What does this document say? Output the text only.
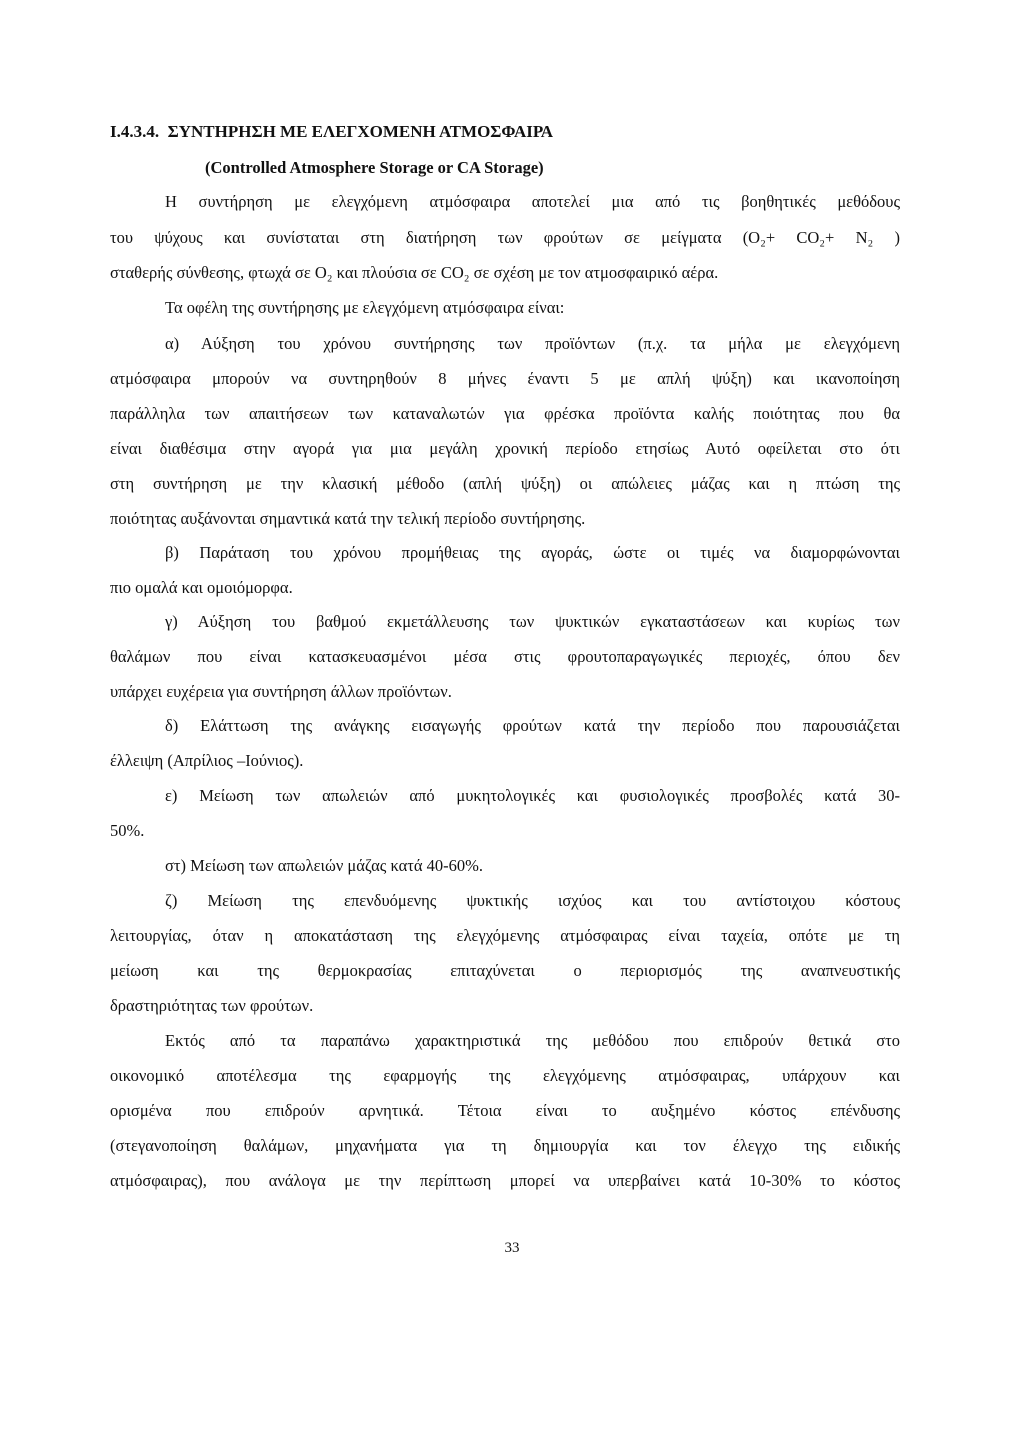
I.4.3.4. ΣΥΝΤΗΡΗΣΗ ΜΕ ΕΛΕΓΧΟΜΕΝΗ ΑΤΜΟΣΦΑΙΡΑ
(Controlled Atmosphere Storage or CA Storage)
Η συντήρηση με ελεγχόμενη ατμόσφαιρα αποτελεί μια από τις βοηθητικές μεθόδους
του ψύχους και συνίσταται στη διατήρηση των φρούτων σε μείγματα (O₂+ CO₂+ N₂ )
σταθερής σύνθεσης, φτωχά σε O₂ και πλούσια σε CO₂ σε σχέση με τον ατμοσφαιρικό αέρα.
Τα οφέλη της συντήρησης με ελεγχόμενη ατμόσφαιρα είναι:
α) Αύξηση του χρόνου συντήρησης των προϊόντων (π.χ. τα μήλα με ελεγχόμενη
ατμόσφαιρα μπορούν να συντηρηθούν 8 μήνες έναντι 5 με απλή ψύξη) και ικανοποίηση
παράλληλα των απαιτήσεων των καταναλωτών για φρέσκα προϊόντα καλής ποιότητας που θα
είναι διαθέσιμα στην αγορά για μια μεγάλη χρονική περίοδο ετησίως Αυτό οφείλεται στο ότι
στη συντήρηση με την κλασική μέθοδο (απλή ψύξη) οι απώλειες μάζας και η πτώση της
ποιότητας αυξάνονται σημαντικά κατά την τελική περίοδο συντήρησης.
β) Παράταση του χρόνου προμήθειας της αγοράς, ώστε οι τιμές να διαμορφώνονται
πιο ομαλά και ομοιόμορφα.
γ) Αύξηση του βαθμού εκμετάλλευσης των ψυκτικών εγκαταστάσεων και κυρίως των
θαλάμων που είναι κατασκευασμένοι μέσα στις φρουτοπαραγωγικές περιοχές, όπου δεν
υπάρχει ευχέρεια για συντήρηση άλλων προϊόντων.
δ) Ελάττωση της ανάγκης εισαγωγής φρούτων κατά την περίοδο που παρουσιάζεται
έλλειψη (Απρίλιος –Ιούνιος).
ε) Μείωση των απωλειών από μυκητολογικές και φυσιολογικές προσβολές κατά 30-
50%.
στ) Μείωση των απωλειών μάζας κατά 40-60%.
ζ) Μείωση της επενδυόμενης ψυκτικής ισχύος και του αντίστοιχου κόστους
λειτουργίας, όταν η αποκατάσταση της ελεγχόμενης ατμόσφαιρας είναι ταχεία, οπότε με τη
μείωση και της θερμοκρασίας επιταχύνεται ο περιορισμός της αναπνευστικής
δραστηριότητας των φρούτων.
Εκτός από τα παραπάνω χαρακτηριστικά της μεθόδου που επιδρούν θετικά στο
οικονομικό αποτέλεσμα της εφαρμογής της ελεγχόμενης ατμόσφαιρας, υπάρχουν και
ορισμένα που επιδρούν αρνητικά. Τέτοια είναι το αυξημένο κόστος επένδυσης
(στεγανοποίηση θαλάμων, μηχανήματα για τη δημιουργία και τον έλεγχο της ειδικής
ατμόσφαιρας), που ανάλογα με την περίπτωση μπορεί να υπερβαίνει κατά 10-30% το κόστος
33
